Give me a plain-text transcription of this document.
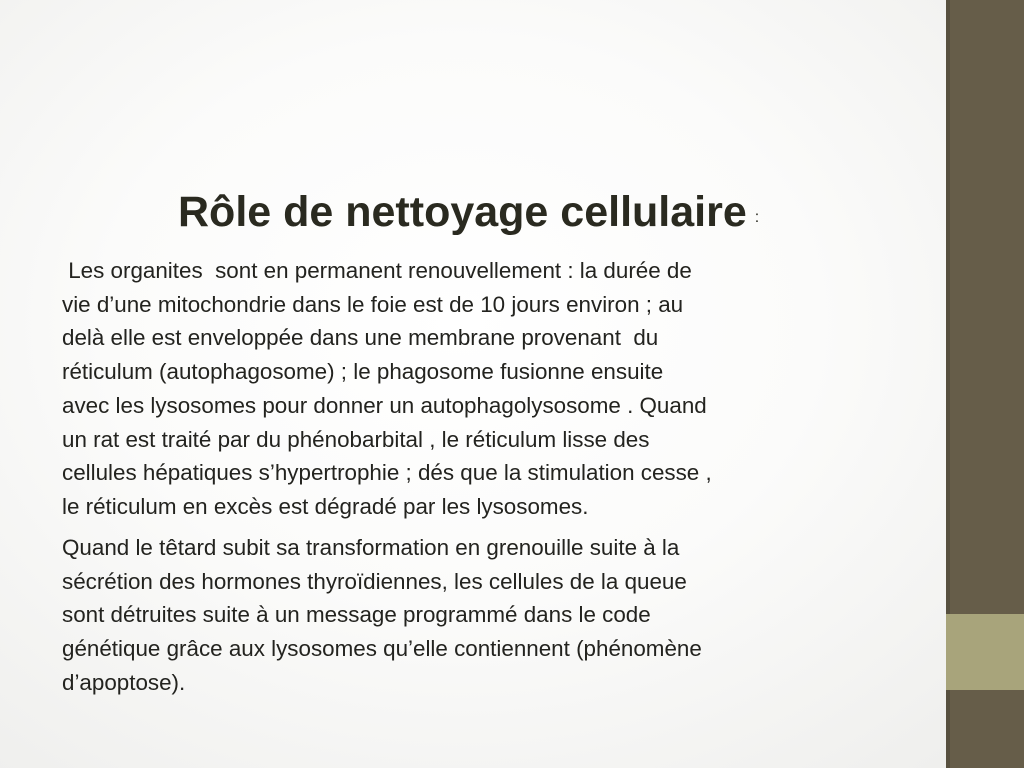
Rôle de nettoyage cellulaire :
Les organites  sont en permanent renouvellement : la durée de
vie d’une mitochondrie dans le foie est de 10 jours environ ; au
delà elle est enveloppée dans une membrane provenant  du
réticulum (autophagosome) ; le phagosome fusionne ensuite
avec les lysosomes pour donner un autophagolysosome . Quand
un rat est traité par du phénobarbital , le réticulum lisse des
cellules hépatiques s’hypertrophie ; dés que la stimulation cesse ,
le réticulum en excès est dégradé par les lysosomes.
Quand le têtard subit sa transformation en grenouille suite à la
sécrétion des hormones thyroïdiennes, les cellules de la queue
sont détruites suite à un message programmé dans le code
génétique grâce aux lysosomes qu’elle contiennent (phénomène
d’apoptose).
